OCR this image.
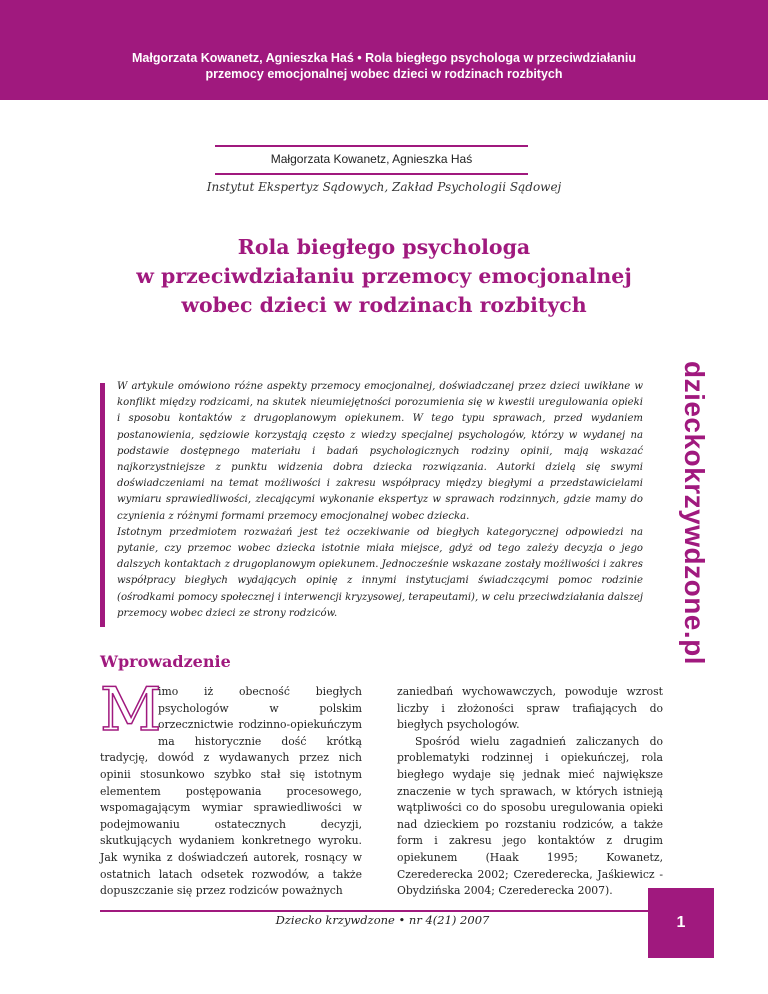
Małgorzata Kowanetz, Agnieszka Haś • Rola biegłego psychologa w przeciwdziałaniu
przemocy emocjonalnej wobec dzieci w rodzinach rozbitych
Małgorzata Kowanetz, Agnieszka Haś
Instytut Ekspertyz Sądowych, Zakład Psychologii Sądowej
Rola biegłego psychologa
w przeciwdziałaniu przemocy emocjonalnej
wobec dzieci w rodzinach rozbitych

W artykule omówiono różne aspekty przemocy emocjonalnej, doświadczanej przez dzieci uwikłane w konflikt między rodzicami, na skutek nieumiejętności porozumienia się w kwestii uregulowania opieki i sposobu kontaktów z drugoplanowym opiekunem. W tego typu sprawach, przed wydaniem postanowienia, sędziowie korzystają często z wiedzy specjalnej psychologów, którzy w wydanej na podstawie dostępnego materiału i badań psychologicznych rodziny opinii, mają wskazać najkorzystniejsze z punktu widzenia dobra dziecka rozwiązania. Autorki dzielą się swymi doświadczeniami na temat możliwości i zakresu współpracy między biegłymi a przedstawicielami wymiaru sprawiedliwości, zlecającymi wykonanie ekspertyz w sprawach rodzinnych, gdzie mamy do czynienia z różnymi formami przemocy emocjonalnej wobec dziecka.

Istotnym przedmiotem rozważań jest też oczekiwanie od biegłych kategorycznej odpowiedzi na pytanie, czy przemoc wobec dziecka istotnie miała miejsce, gdyż od tego zależy decyzja o jego dalszych kontaktach z drugoplanowym opiekunem. Jednocześnie wskazane zostały możliwości i zakres współpracy biegłych wydających opinię z innymi instytucjami świadczącymi pomoc rodzinie (ośrodkami pomocy społecznej i interwencji kryzysowej, terapeutami), w celu przeciwdziałania dalszej przemocy wobec dzieci ze strony rodziców.	dzieckokrzywdzone.pl
Wprowadzenie

M
imo iż obecność biegłych psychologów w polskim orzecznictwie rodzinno-opiekuńczym ma historycznie dość krótką tradycję, dowód z wydawanych przez nich opinii stosunkowo szybko stał się istotnym elementem postępowania procesowego, wspomagającym wymiar sprawiedliwości w podejmowaniu ostatecznych decyzji, skutkujących wydaniem konkretnego wyroku. Jak wynika z doświadczeń autorek, rosnący w ostatnich latach odsetek rozwodów, a także dopuszczanie się przez rodziców poważnych

zaniedbań wychowawczych, powoduje wzrost liczby i złożoności spraw trafiających do biegłych psychologów.

Spośród wielu zagadnień zaliczanych do problematyki rodzinnej i opiekuńczej, rola biegłego wydaje się jednak mieć największe znaczenie w tych sprawach, w których istnieją wątpliwości co do sposobu uregulowania opieki nad dzieckiem po rozstaniu rodziców, a także form i zakresu jego kontaktów z drugim opiekunem (Haak 1995; Kowanetz, Czerederecka 2002; Czerederecka, Jaśkiewicz -Obydzińska 2004; Czerederecka 2007).

Dziecko krzywdzone • nr 4(21) 2007	1
